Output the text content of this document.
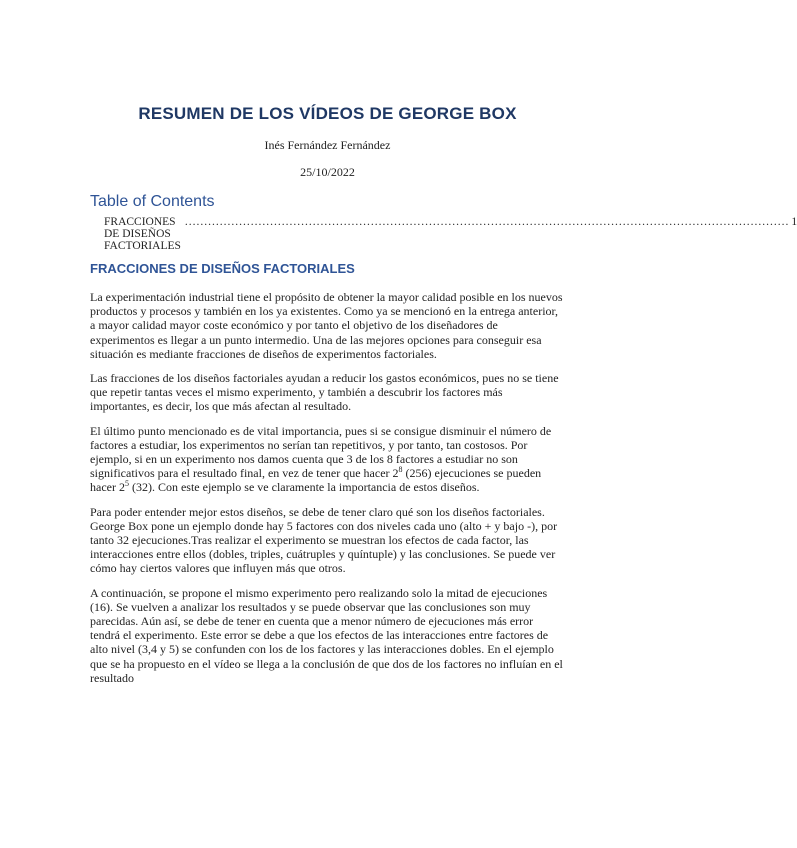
RESUMEN DE LOS VÍDEOS DE GEORGE BOX
Inés Fernández Fernández
25/10/2022
Table of Contents
FRACCIONES DE DISEÑOS FACTORIALES
............................................................................................................................................................ 1
FRACCIONES DE DISEÑOS FACTORIALES

La experimentación industrial tiene el propósito de obtener la mayor calidad posible en los nuevos productos y procesos y también en los ya existentes. Como ya se mencionó en la entrega anterior, a mayor calidad mayor coste económico y por tanto el objetivo de los diseñadores de experimentos es llegar a un punto intermedio. Una de las mejores opciones para conseguir esa situación es mediante fracciones de diseños de experimentos factoriales.

Las fracciones de los diseños factoriales ayudan a reducir los gastos económicos, pues no se tiene que repetir tantas veces el mismo experimento, y también a descubrir los factores más importantes, es decir, los que más afectan al resultado.

El último punto mencionado es de vital importancia, pues si se consigue disminuir el número de factores a estudiar, los experimentos no serían tan repetitivos, y por tanto, tan costosos. Por ejemplo, si en un experimento nos damos cuenta que 3 de los 8 factores a estudiar no son significativos para el resultado final, en vez de tener que hacer $2^8$ (256) ejecuciones se pueden hacer $2^5$ (32). Con este ejemplo se ve claramente la importancia de estos diseños.

Para poder entender mejor estos diseños, se debe de tener claro qué son los diseños factoriales. George Box pone un ejemplo donde hay 5 factores con dos niveles cada uno (alto + y bajo -), por tanto 32 ejecuciones.Tras realizar el experimento se muestran los efectos de cada factor, las interacciones entre ellos (dobles, triples, cuátruples y quíntuple) y las conclusiones. Se puede ver cómo hay ciertos valores que influyen más que otros.

A continuación, se propone el mismo experimento pero realizando solo la mitad de ejecuciones (16). Se vuelven a analizar los resultados y se puede observar que las conclusiones son muy parecidas. Aún así, se debe de tener en cuenta que a menor número de ejecuciones más error tendrá el experimento. Este error se debe a que los efectos de las interacciones entre factores de alto nivel (3,4 y 5) se confunden con los de los factores y las interacciones dobles. En el ejemplo que se ha propuesto en el vídeo se llega a la conclusión de que dos de los factores no influían en el resultado
